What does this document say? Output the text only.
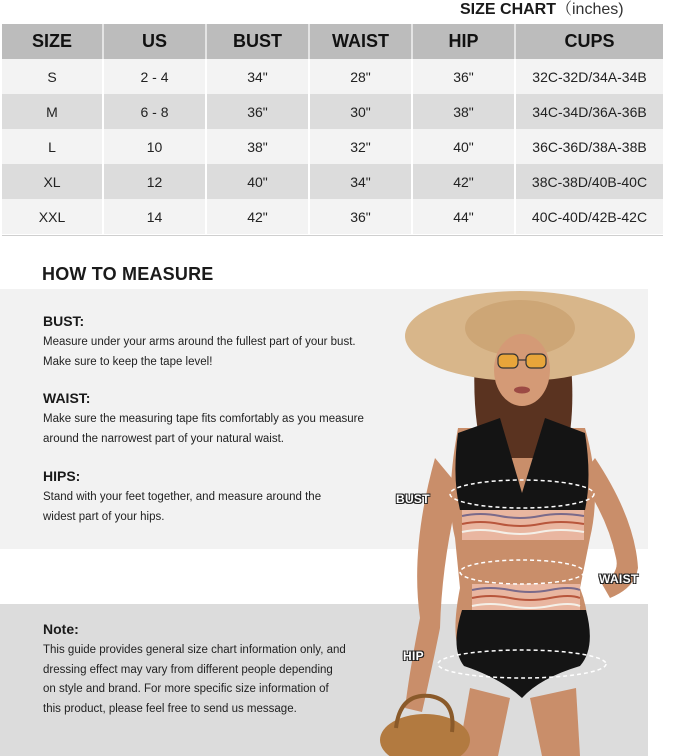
SIZE CHART（inches)
SIZE	US	BUST	WAIST	HIP	CUPS
S	2 - 4	34"	28"	36"	32C-32D/34A-34B
M	6 - 8	36"	30"	38"	34C-34D/36A-36B
L	10	38"	32"	40"	36C-36D/38A-38B
XL	12	40"	34"	42"	38C-38D/40B-40C
XXL	14	42"	36"	44"	40C-40D/42B-42C
HOW TO MEASURE
BUST:
Measure under your arms around the fullest part of your bust.
Make sure to keep the tape level!
WAIST:
Make sure the measuring tape fits comfortably as you measure
around the narrowest part of your natural waist.
HIPS:
Stand with your feet together, and measure around the
widest part of your hips.
Note:
This guide provides general size chart information only, and
dressing effect may vary from different people depending
on style and brand. For more specific size information of
this product, please feel free to send us message.
BUST
WAIST
HIP
